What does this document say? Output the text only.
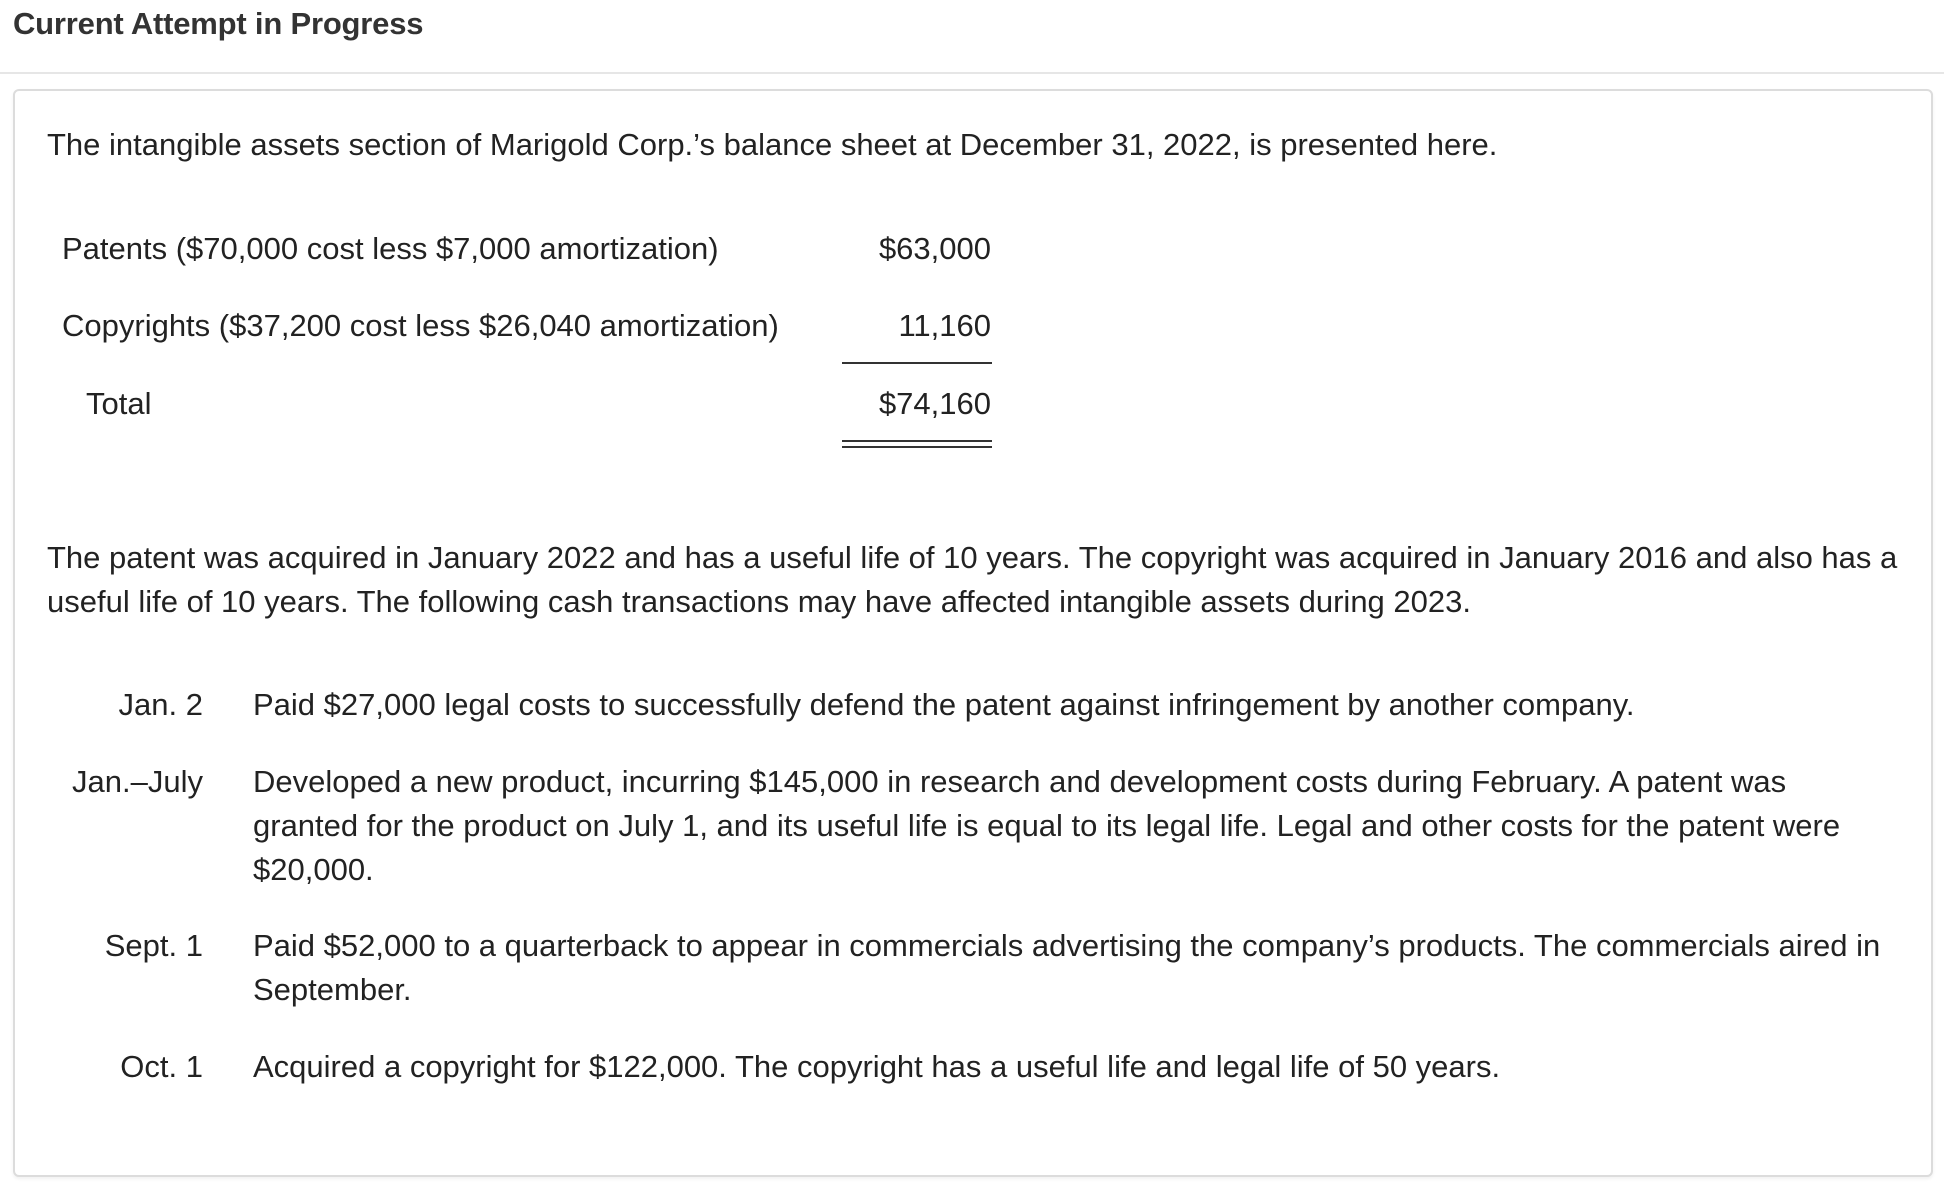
Current Attempt in Progress

The intangible assets section of Marigold Corp.’s balance sheet at December 31, 2022, is presented here.

Patents ($70,000 cost less $7,000 amortization)	$63,000
Copyrights ($37,200 cost less $26,040 amortization)	11,160
Total	$74,160

The patent was acquired in January 2022 and has a useful life of 10 years. The copyright was acquired in January 2016 and also has a useful life of 10 years. The following cash transactions may have affected intangible assets during 2023.

Jan. 2 Paid $27,000 legal costs to successfully defend the patent against infringement by another company.
Jan.–July Developed a new product, incurring $145,000 in research and development costs during February. A patent was granted for the product on July 1, and its useful life is equal to its legal life. Legal and other costs for the patent were $20,000.
Sept. 1 Paid $52,000 to a quarterback to appear in commercials advertising the company’s products. The commercials aired in September.
Oct. 1 Acquired a copyright for $122,000. The copyright has a useful life and legal life of 50 years.
